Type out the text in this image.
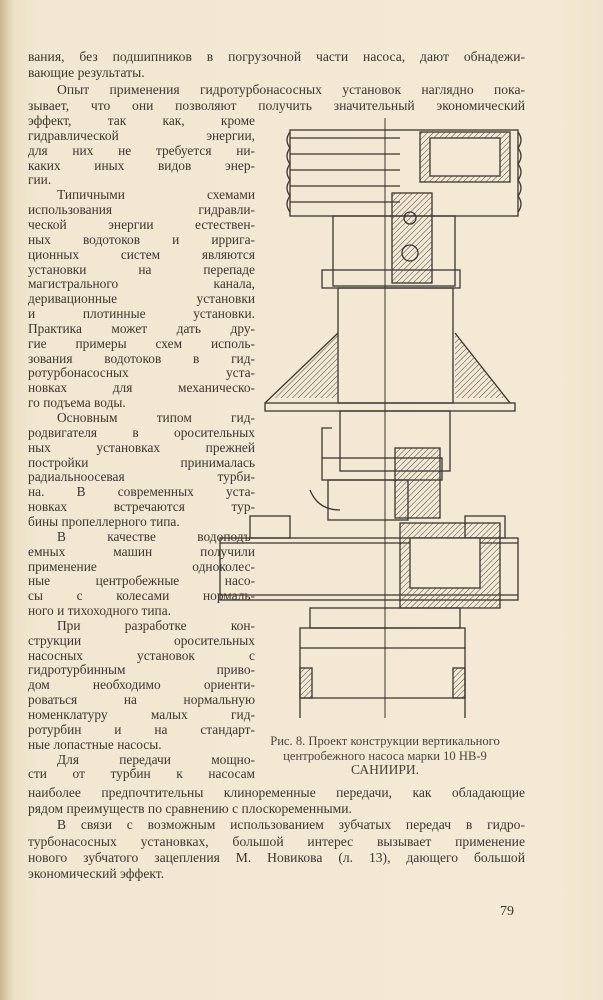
вания, без подшипников в погрузочной части насоса, дают обнадежи-
вающие результаты.
Опыт применения гидротурбонасосных установок наглядно пока-
зывает, что они позволяют получить значительный экономический
эффект, так как, кроме
гидравлической энергии,
для них не требуется ни-
каких иных видов энер-
гии.
Типичными схемами
использования гидравли-
ческой энергии естествен-
ных водотоков и ирригa-
ционных систем являются
установки на перепаде
магистрального канала,
деривационные установки
и плотинные установки.
Практика может дать дру-
гие примеры схем исполь-
зования водотоков в гид-
ротурбонасосных уста-
новках для механическо-
го подъема воды.
Основным типом гид-
родвигателя в оросительных
ных установках прежней
постройки принималась
радиальноосевая турби-
на. В современных уста-
новках встречаются тур-
бины пропеллерного типа.
В качестве водоподъ-
емных машин получили
применение одноколес-
ные центробежные насо-
сы с колесами нормаль-
ного и тихоходного типа.
При разработке кон-
струкции оросительных
насосных установок с
гидротурбинным приво-
дом необходимо ориенти-
роваться на нормальную
номенклатуру малых гид-
ротурбин и на стандарт-
ные лопастные насосы.
Для передачи мощно-
сти от турбин к насосам
наиболее предпочтительны клиноременные передачи, как обладающие
рядом преимуществ по сравнению с плоскоременными.
В связи с возможным использованием зубчатых передач в гидро-
турбонасосных установках, большой интерес вызывает применение
нового зубчатого зацепления М. Новикова (л. 13), дающего большой
экономический эффект.
Рис. 8. Проект конструкции вертикального
центробежного насоса марки 10 НВ-9
САНИИРИ.
79
